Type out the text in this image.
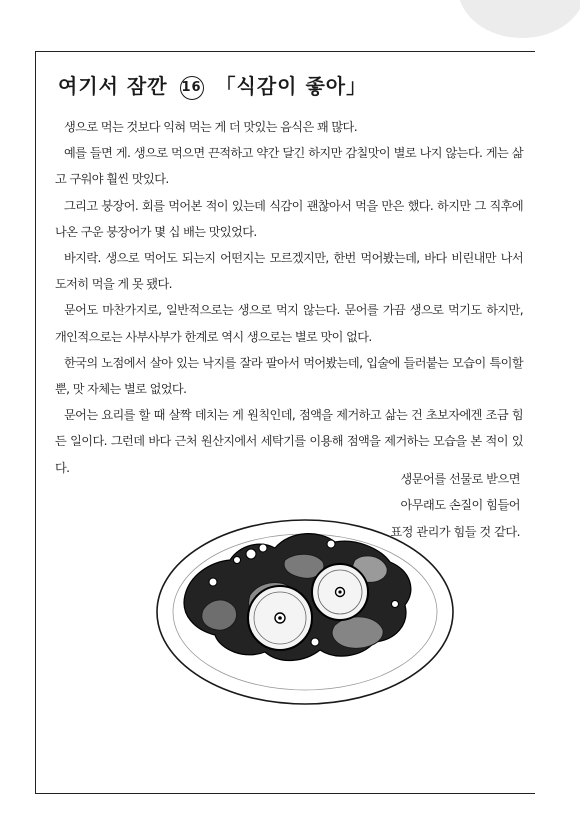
여기서 잠깐 16 「식감이 좋아」

생으로 먹는 것보다 익혀 먹는 게 더 맛있는 음식은 꽤 많다.

예를 들면 게. 생으로 먹으면 끈적하고 약간 달긴 하지만 감칠맛이 별로 나지 않는다. 게는 삶고 구워야 훨씬 맛있다.

그리고 붕장어. 회를 먹어본 적이 있는데 식감이 괜찮아서 먹을 만은 했다. 하지만 그 직후에 나온 구운 붕장어가 몇 십 배는 맛있었다.

바지락. 생으로 먹어도 되는지 어떤지는 모르겠지만, 한번 먹어봤는데, 바다 비린내만 나서 도저히 먹을 게 못 됐다.

문어도 마찬가지로, 일반적으로는 생으로 먹지 않는다. 문어를 가끔 생으로 먹기도 하지만, 개인적으로는 사부사부가 한계로 역시 생으로는 별로 맛이 없다.

한국의 노점에서 살아 있는 낙지를 잘라 팔아서 먹어봤는데, 입술에 들러붙는 모습이 특이할 뿐, 맛 자체는 별로 없었다.

문어는 요리를 할 때 살짝 데치는 게 원칙인데, 점액을 제거하고 삶는 건 초보자에겐 조금 힘든 일이다. 그런데 바다 근처 원산지에서 세탁기를 이용해 점액을 제거하는 모습을 본 적이 있다.

생문어를 선물로 받으면
아무래도 손질이 힘들어
표정 관리가 힘들 것 같다.
